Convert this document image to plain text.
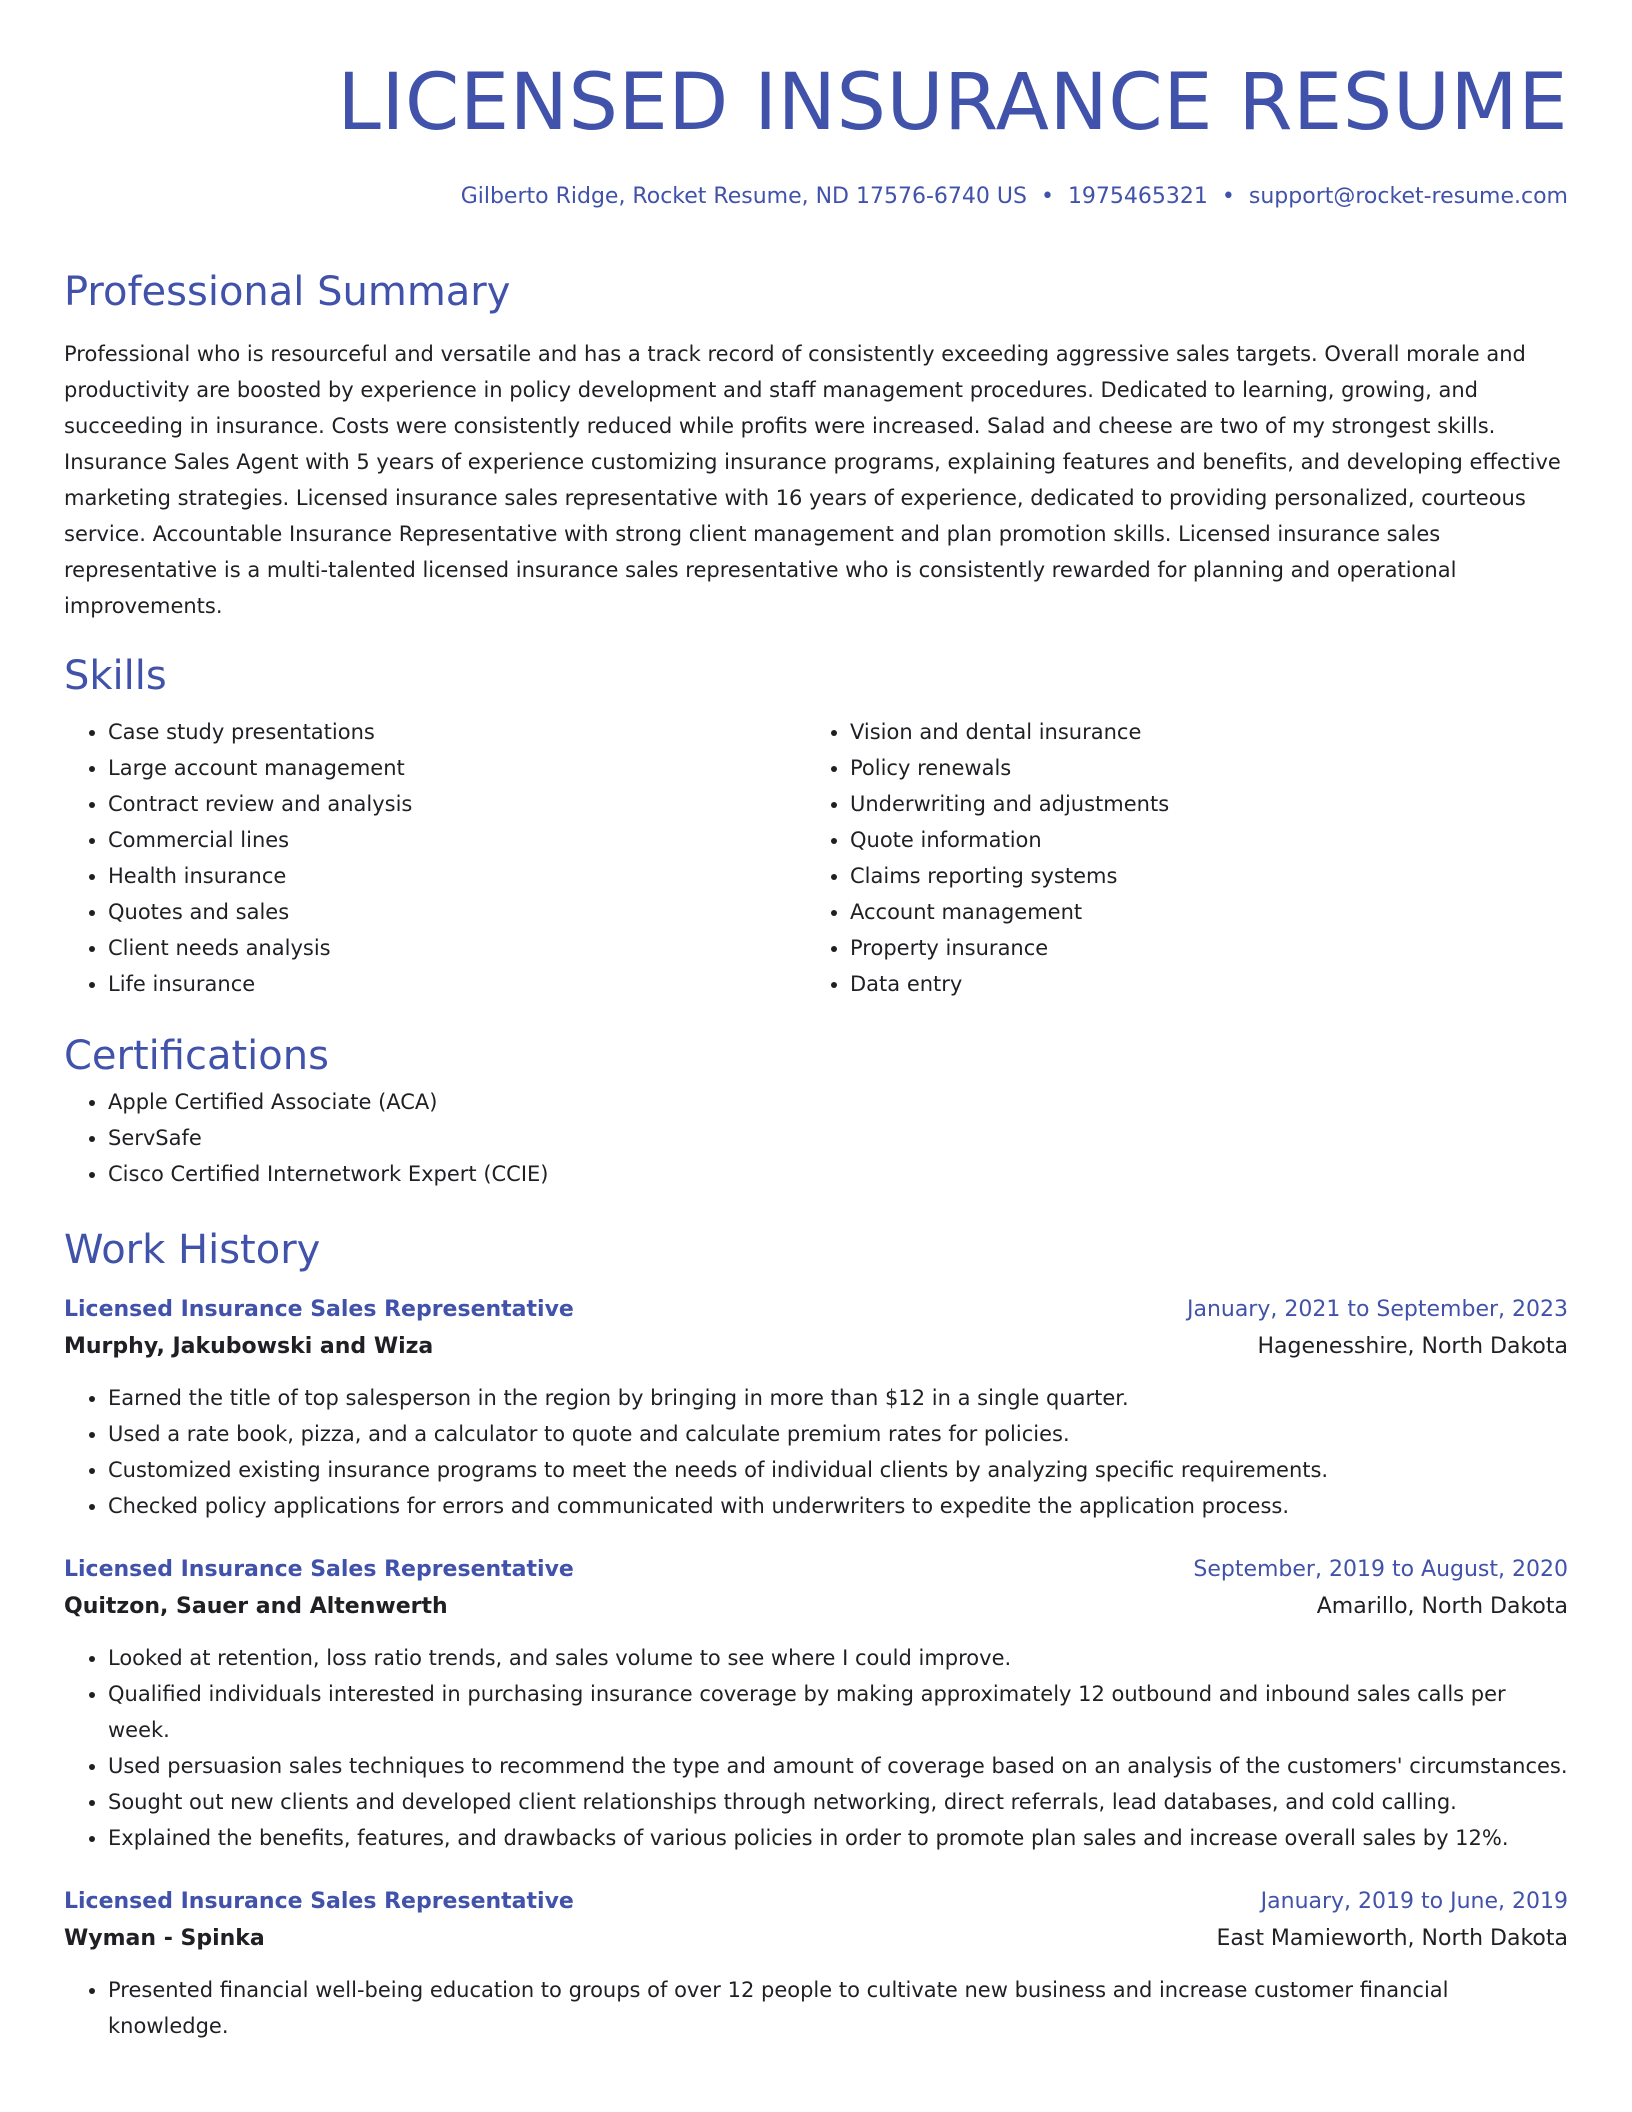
LICENSED INSURANCE RESUME
Gilberto Ridge, Rocket Resume, ND 17576-6740 US • 1975465321 • support@rocket-resume.com
Professional Summary

Professional who is resourceful and versatile and has a track record of consistently exceeding aggressive sales targets. Overall morale and productivity are boosted by experience in policy development and staff management procedures. Dedicated to learning, growing, and succeeding in insurance. Costs were consistently reduced while profits were increased. Salad and cheese are two of my strongest skills. Insurance Sales Agent with 5 years of experience customizing insurance programs, explaining features and benefits, and developing effective marketing strategies. Licensed insurance sales representative with 16 years of experience, dedicated to providing personalized, courteous service. Accountable Insurance Representative with strong client management and plan promotion skills. Licensed insurance sales representative is a multi-talented licensed insurance sales representative who is consistently rewarded for planning and operational improvements.

Skills
• Case study presentations
• Large account management
• Contract review and analysis
• Commercial lines
• Health insurance
• Quotes and sales
• Client needs analysis
• Life insurance
• Vision and dental insurance
• Policy renewals
• Underwriting and adjustments
• Quote information
• Claims reporting systems
• Account management
• Property insurance
• Data entry
Certifications
• Apple Certified Associate (ACA)
• ServSafe
• Cisco Certified Internetwork Expert (CCIE)
Work History
Licensed Insurance Sales Representative	January, 2021 to September, 2023
Murphy, Jakubowski and Wiza	Hagenesshire, North Dakota
• Earned the title of top salesperson in the region by bringing in more than $12 in a single quarter.
• Used a rate book, pizza, and a calculator to quote and calculate premium rates for policies.
• Customized existing insurance programs to meet the needs of individual clients by analyzing specific requirements.
• Checked policy applications for errors and communicated with underwriters to expedite the application process.
Licensed Insurance Sales Representative	September, 2019 to August, 2020
Quitzon, Sauer and Altenwerth	Amarillo, North Dakota
• Looked at retention, loss ratio trends, and sales volume to see where I could improve.
• Qualified individuals interested in purchasing insurance coverage by making approximately 12 outbound and inbound sales calls per week.
• Used persuasion sales techniques to recommend the type and amount of coverage based on an analysis of the customers' circumstances.
• Sought out new clients and developed client relationships through networking, direct referrals, lead databases, and cold calling.
• Explained the benefits, features, and drawbacks of various policies in order to promote plan sales and increase overall sales by 12%.
Licensed Insurance Sales Representative	January, 2019 to June, 2019
Wyman - Spinka	East Mamieworth, North Dakota
• Presented financial well-being education to groups of over 12 people to cultivate new business and increase customer financial knowledge.
